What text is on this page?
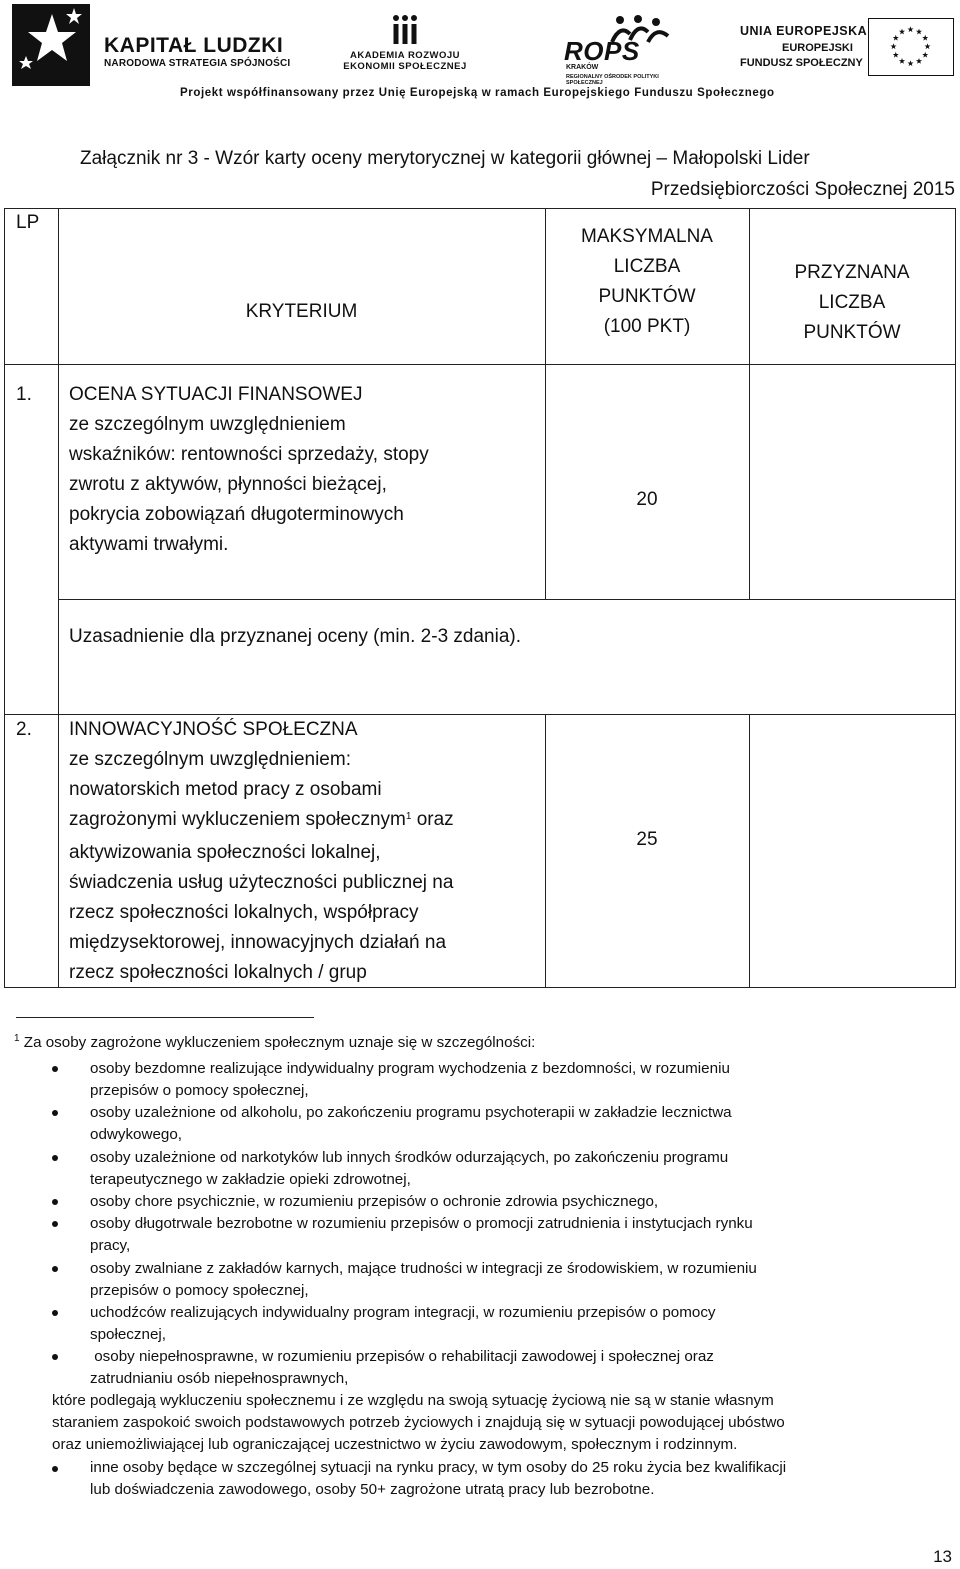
KAPITAŁ LUDZKI
NARODOWA STRATEGIA SPÓJNOŚCI
AKADEMIA ROZWOJU
EKONOMII SPOŁECZNEJ
ROPS
KRAKÓW
REGIONALNY OŚRODEK POLITYKI SPOŁECZNEJ
UNIA EUROPEJSKA
EUROPEJSKI
FUNDUSZ SPOŁECZNY
Projekt współfinansowany przez Unię Europejską w ramach Europejskiego Funduszu Społecznego
Załącznik nr 3 - Wzór karty oceny merytorycznej w kategorii głównej – Małopolski Lider
Przedsiębiorczości Społecznej 2015
LP
KRYTERIUM
MAKSYMALNA
LICZBA
PUNKTÓW
(100 PKT)
PRZYZNANA
LICZBA
PUNKTÓW
1. OCENA SYTUACJI FINANSOWEJ
ze szczególnym uwzględnieniem
wskaźników: rentowności sprzedaży, stopy
zwrotu z aktywów, płynności bieżącej,
pokrycia zobowiązań długoterminowych
aktywami trwałymi.
20
Uzasadnienie dla przyznanej oceny (min. 2-3 zdania).
2. INNOWACYJNOŚĆ SPOŁECZNA
ze szczególnym uwzględnieniem:
nowatorskich metod pracy z osobami
zagrożonymi wykluczeniem społecznym$^1$ oraz
aktywizowania społeczności lokalnej,
świadczenia usług użyteczności publicznej na
rzecz społeczności lokalnych, współpracy
międzysektorowej, innowacyjnych działań na
rzecz społeczności lokalnych / grup
25
$^1$ Za osoby zagrożone wykluczeniem społecznym uznaje się w szczególności:
osoby bezdomne realizujące indywidualny program wychodzenia z bezdomności, w rozumieniu
przepisów o pomocy społecznej,
osoby uzależnione od alkoholu, po zakończeniu programu psychoterapii w zakładzie lecznictwa
odwykowego,
osoby uzależnione od narkotyków lub innych środków odurzających, po zakończeniu programu
terapeutycznego w zakładzie opieki zdrowotnej,
osoby chore psychicznie, w rozumieniu przepisów o ochronie zdrowia psychicznego,
osoby długotrwale bezrobotne w rozumieniu przepisów o promocji zatrudnienia i instytucjach rynku
pracy,
osoby zwalniane z zakładów karnych, mające trudności w integracji ze środowiskiem, w rozumieniu
przepisów o pomocy społecznej,
uchodźców realizujących indywidualny program integracji, w rozumieniu przepisów o pomocy
społecznej,
osoby niepełnosprawne, w rozumieniu przepisów o rehabilitacji zawodowej i społecznej oraz
zatrudnianiu osób niepełnosprawnych,
które podlegają wykluczeniu społecznemu i ze względu na swoją sytuację życiową nie są w stanie własnym
staraniem zaspokoić swoich podstawowych potrzeb życiowych i znajdują się w sytuacji powodującej ubóstwo
oraz uniemożliwiającej lub ograniczającej uczestnictwo w życiu zawodowym, społecznym i rodzinnym.
inne osoby będące w szczególnej sytuacji na rynku pracy, w tym osoby do 25 roku życia bez kwalifikacji
lub doświadczenia zawodowego, osoby 50+ zagrożone utratą pracy lub bezrobotne.
13
